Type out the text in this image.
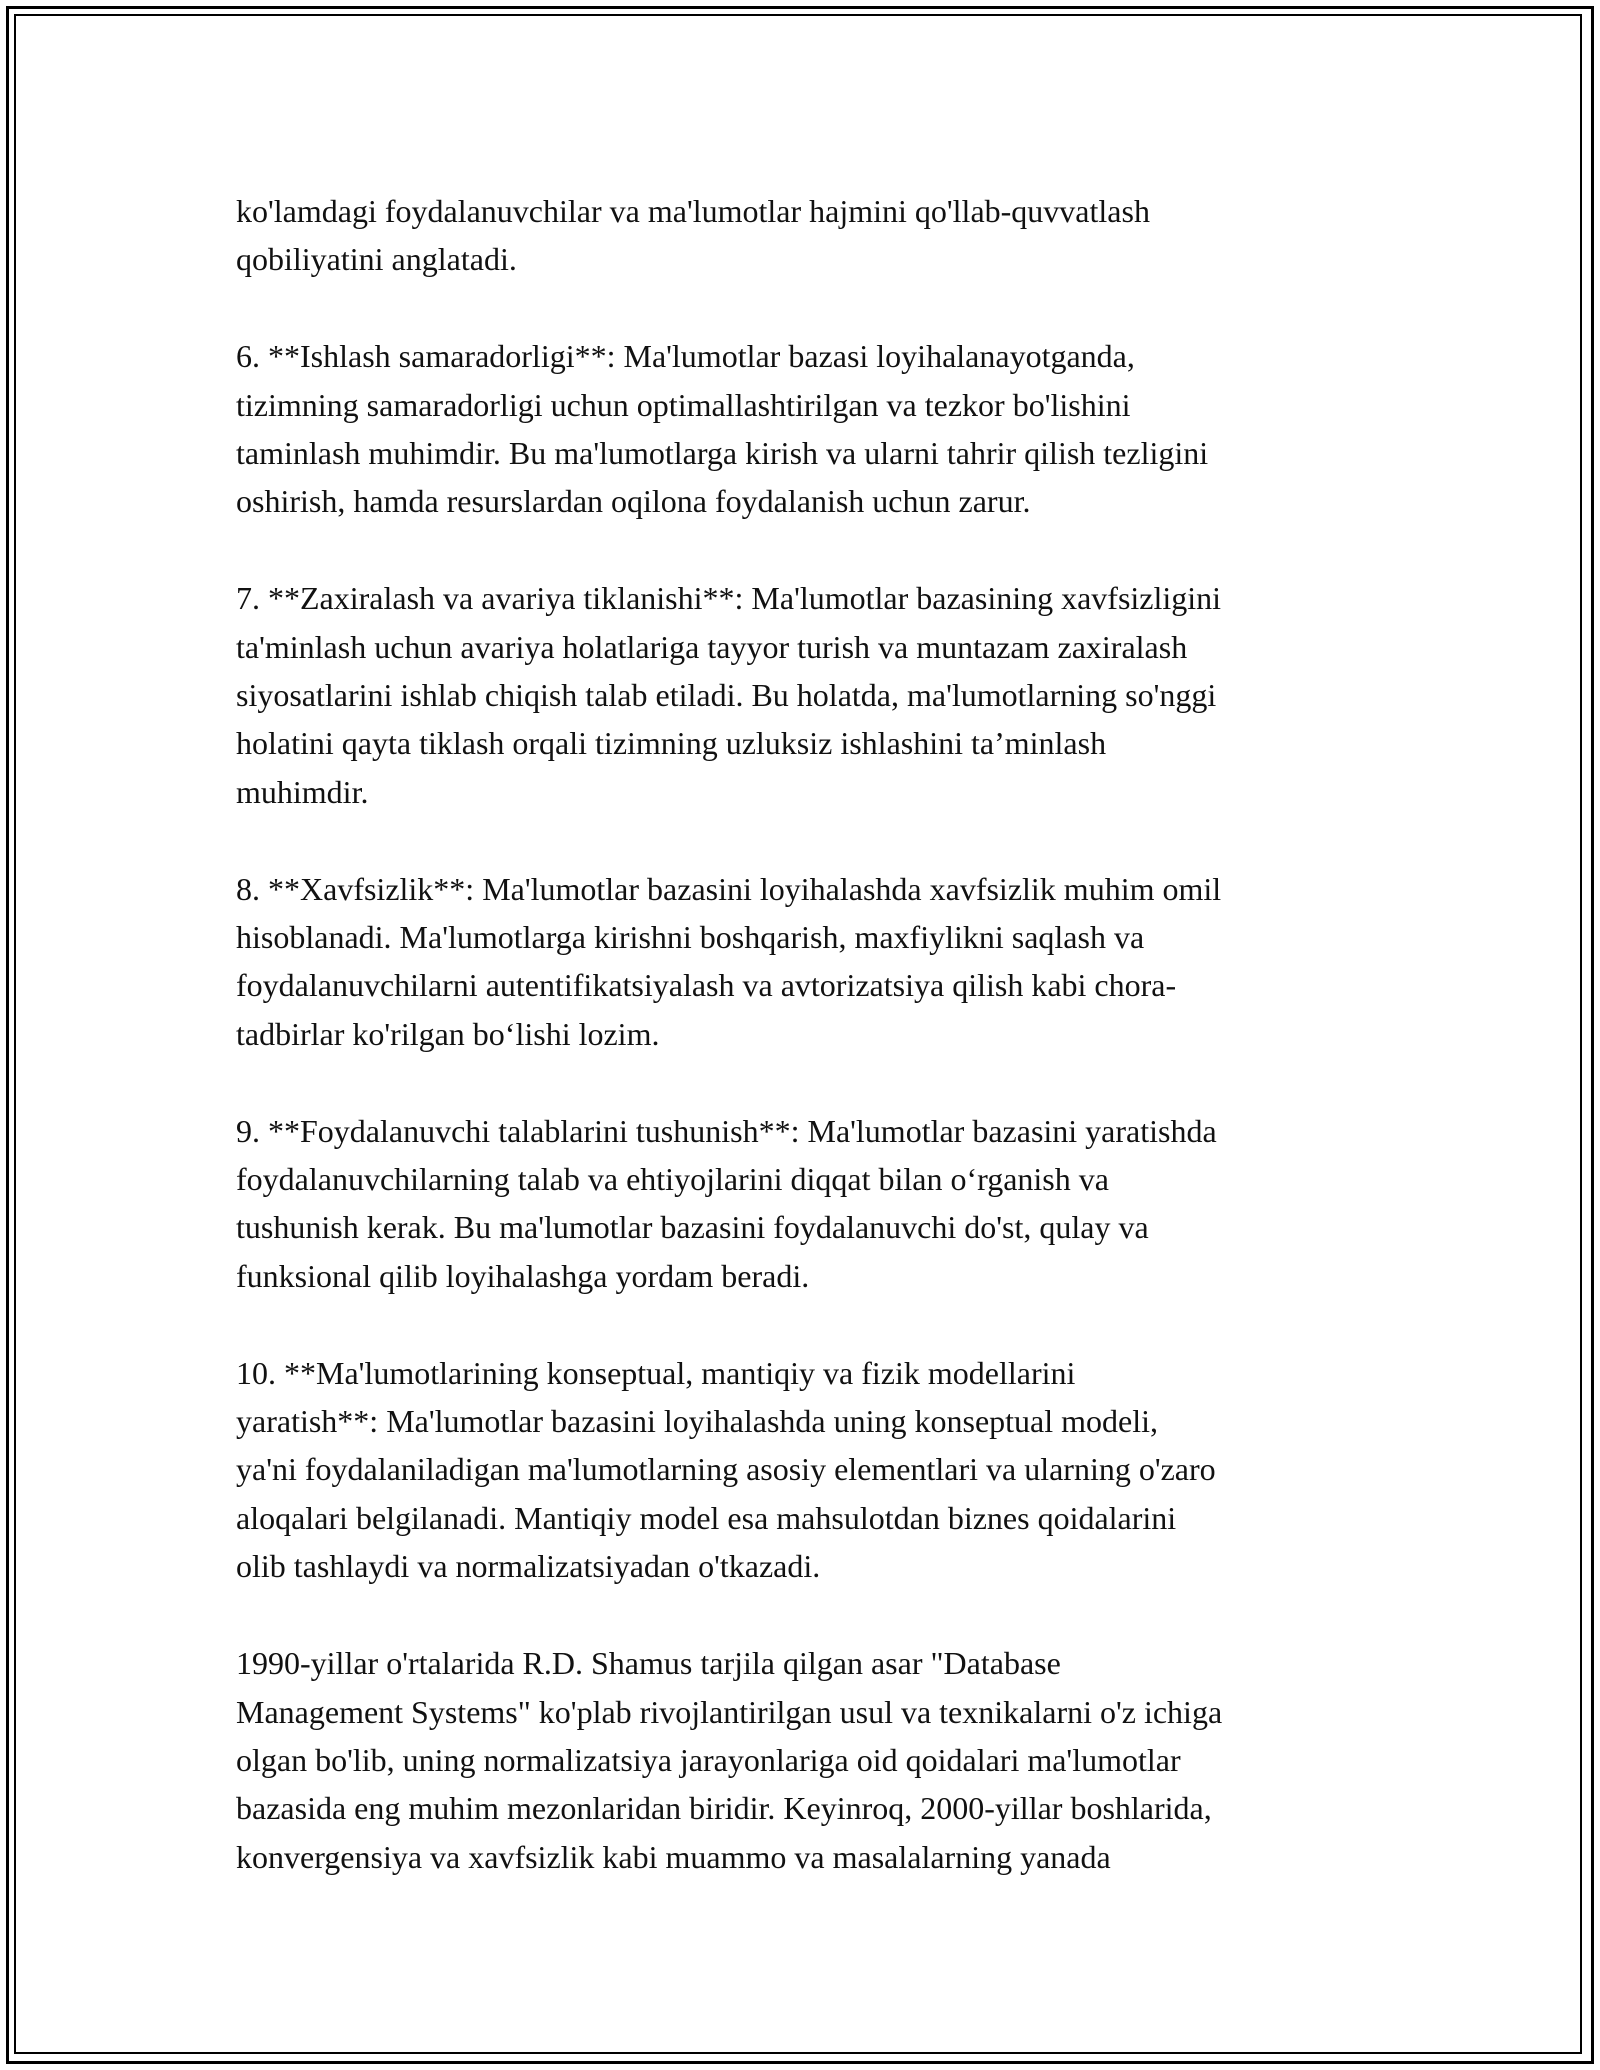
ko'lamdagi foydalanuvchilar va ma'lumotlar hajmini qo'llab-quvvatlash
qobiliyatini anglatadi.

6. **Ishlash samaradorligi**: Ma'lumotlar bazasi loyihalanayotganda,
tizimning samaradorligi uchun optimallashtirilgan va tezkor bo'lishini
taminlash muhimdir. Bu ma'lumotlarga kirish va ularni tahrir qilish tezligini
oshirish, hamda resurslardan oqilona foydalanish uchun zarur.

7. **Zaxiralash va avariya tiklanishi**: Ma'lumotlar bazasining xavfsizligini
ta'minlash uchun avariya holatlariga tayyor turish va muntazam zaxiralash
siyosatlarini ishlab chiqish talab etiladi. Bu holatda, ma'lumotlarning so'nggi
holatini qayta tiklash orqali tizimning uzluksiz ishlashini ta’minlash
muhimdir.

8. **Xavfsizlik**: Ma'lumotlar bazasini loyihalashda xavfsizlik muhim omil
hisoblanadi. Ma'lumotlarga kirishni boshqarish, maxfiylikni saqlash va
foydalanuvchilarni autentifikatsiyalash va avtorizatsiya qilish kabi chora-
tadbirlar ko'rilgan bo‘lishi lozim.

9. **Foydalanuvchi talablarini tushunish**: Ma'lumotlar bazasini yaratishda
foydalanuvchilarning talab va ehtiyojlarini diqqat bilan o‘rganish va
tushunish kerak. Bu ma'lumotlar bazasini foydalanuvchi do'st, qulay va
funksional qilib loyihalashga yordam beradi.

10. **Ma'lumotlarining konseptual, mantiqiy va fizik modellarini
yaratish**: Ma'lumotlar bazasini loyihalashda uning konseptual modeli,
ya'ni foydalaniladigan ma'lumotlarning asosiy elementlari va ularning o'zaro
aloqalari belgilanadi. Mantiqiy model esa mahsulotdan biznes qoidalarini
olib tashlaydi va normalizatsiyadan o'tkazadi.

1990-yillar o'rtalarida R.D. Shamus tarjila qilgan asar "Database
Management Systems" ko'plab rivojlantirilgan usul va texnikalarni o'z ichiga
olgan bo'lib, uning normalizatsiya jarayonlariga oid qoidalari ma'lumotlar
bazasida eng muhim mezonlaridan biridir. Keyinroq, 2000-yillar boshlarida,
konvergensiya va xavfsizlik kabi muammo va masalalarning yanada
